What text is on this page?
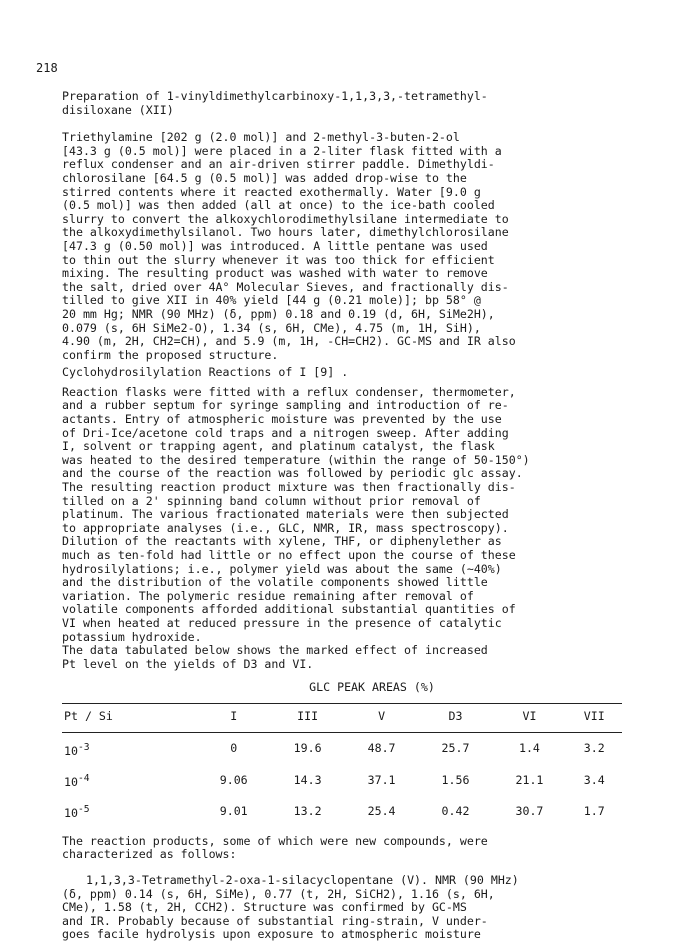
218

Preparation of 1-vinyldimethylcarbinoxy-1,1,3,3,-tetramethyl-
disiloxane (XII)

Triethylamine [202 g (2.0 mol)] and 2-methyl-3-buten-2-ol
[43.3 g (0.5 mol)] were placed in a 2-liter flask fitted with a
reflux condenser and an air-driven stirrer paddle. Dimethyldi-
chlorosilane [64.5 g (0.5 mol)] was added drop-wise to the
stirred contents where it reacted exothermally. Water [9.0 g
(0.5 mol)] was then added (all at once) to the ice-bath cooled
slurry to convert the alkoxychlorodimethylsilane intermediate to
the alkoxydimethylsilanol. Two hours later, dimethylchlorosilane
[47.3 g (0.50 mol)] was introduced. A little pentane was used
to thin out the slurry whenever it was too thick for efficient
mixing. The resulting product was washed with water to remove
the salt, dried over 4A° Molecular Sieves, and fractionally dis-
tilled to give XII in 40% yield [44 g (0.21 mole)]; bp 58° @
20 mm Hg; NMR (90 MHz) (δ, ppm) 0.18 and 0.19 (d, 6H, SiMe2H),
0.079 (s, 6H SiMe2-O), 1.34 (s, 6H, CMe), 4.75 (m, 1H, SiH),
4.90 (m, 2H, CH2=CH), and 5.9 (m, 1H, -CH=CH2). GC-MS and IR also
confirm the proposed structure.

Cyclohydrosilylation Reactions of I [9] .

Reaction flasks were fitted with a reflux condenser, thermometer,
and a rubber septum for syringe sampling and introduction of re-
actants. Entry of atmospheric moisture was prevented by the use
of Dri-Ice/acetone cold traps and a nitrogen sweep. After adding
I, solvent or trapping agent, and platinum catalyst, the flask
was heated to the desired temperature (within the range of 50-150°)
and the course of the reaction was followed by periodic glc assay.
The resulting reaction product mixture was then fractionally dis-
tilled on a 2' spinning band column without prior removal of
platinum. The various fractionated materials were then subjected
to appropriate analyses (i.e., GLC, NMR, IR, mass spectroscopy).
Dilution of the reactants with xylene, THF, or diphenylether as
much as ten-fold had little or no effect upon the course of these
hydrosilylations; i.e., polymer yield was about the same (~40%)
and the distribution of the volatile components showed little
variation. The polymeric residue remaining after removal of
volatile components afforded additional substantial quantities of
VI when heated at reduced pressure in the presence of catalytic
potassium hydroxide.

The data tabulated below shows the marked effect of increased
Pt level on the yields of D3 and VI.

GLC PEAK AREAS (%)
Pt / Si	I	III	V	D3	VI	VII
$10^{-3}$	0	19.6	48.7	25.7	1.4	3.2
$10^{-4}$	9.06	14.3	37.1	1.56	21.1	3.4
$10^{-5}$	9.01	13.2	25.4	0.42	30.7	1.7

The reaction products, some of which were new compounds, were
characterized as follows:

1,1,3,3-Tetramethyl-2-oxa-1-silacyclopentane (V). NMR (90 MHz)
(δ, ppm) 0.14 (s, 6H, SiMe), 0.77 (t, 2H, SiCH2), 1.16 (s, 6H,
CMe), 1.58 (t, 2H, CCH2). Structure was confirmed by GC-MS
and IR. Probably because of substantial ring-strain, V under-
goes facile hydrolysis upon exposure to atmospheric moisture
